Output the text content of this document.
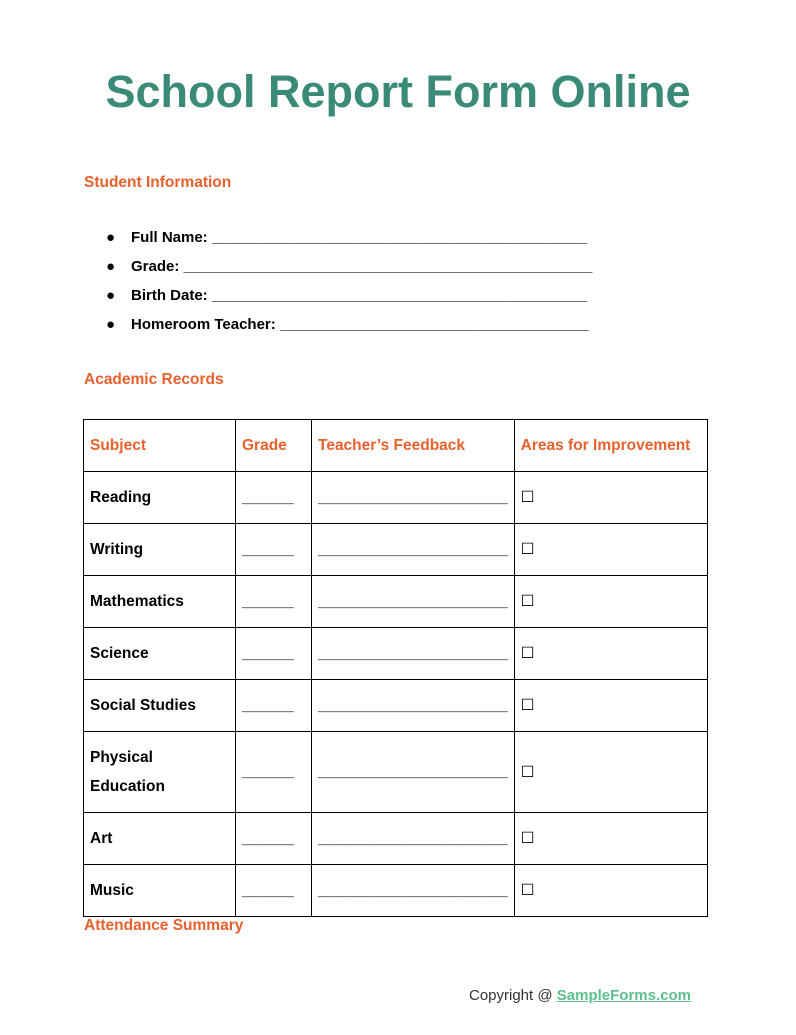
School Report Form Online
Student Information
● Full Name: _____________________________________________
● Grade: _________________________________________________
● Birth Date: _____________________________________________
● Homeroom Teacher: _____________________________________
Academic Records
Subject	Grade	Teacher’s Feedback	Areas for Improvement
Reading	______	______________________	☐
Writing	______	______________________	☐
Mathematics	______	______________________	☐
Science	______	______________________	☐
Social Studies	______	______________________	☐
Physical Education	______	______________________	☐
Art	______	______________________	☐
Music	______	______________________	☐
Attendance Summary
Copyright @ SampleForms.com
